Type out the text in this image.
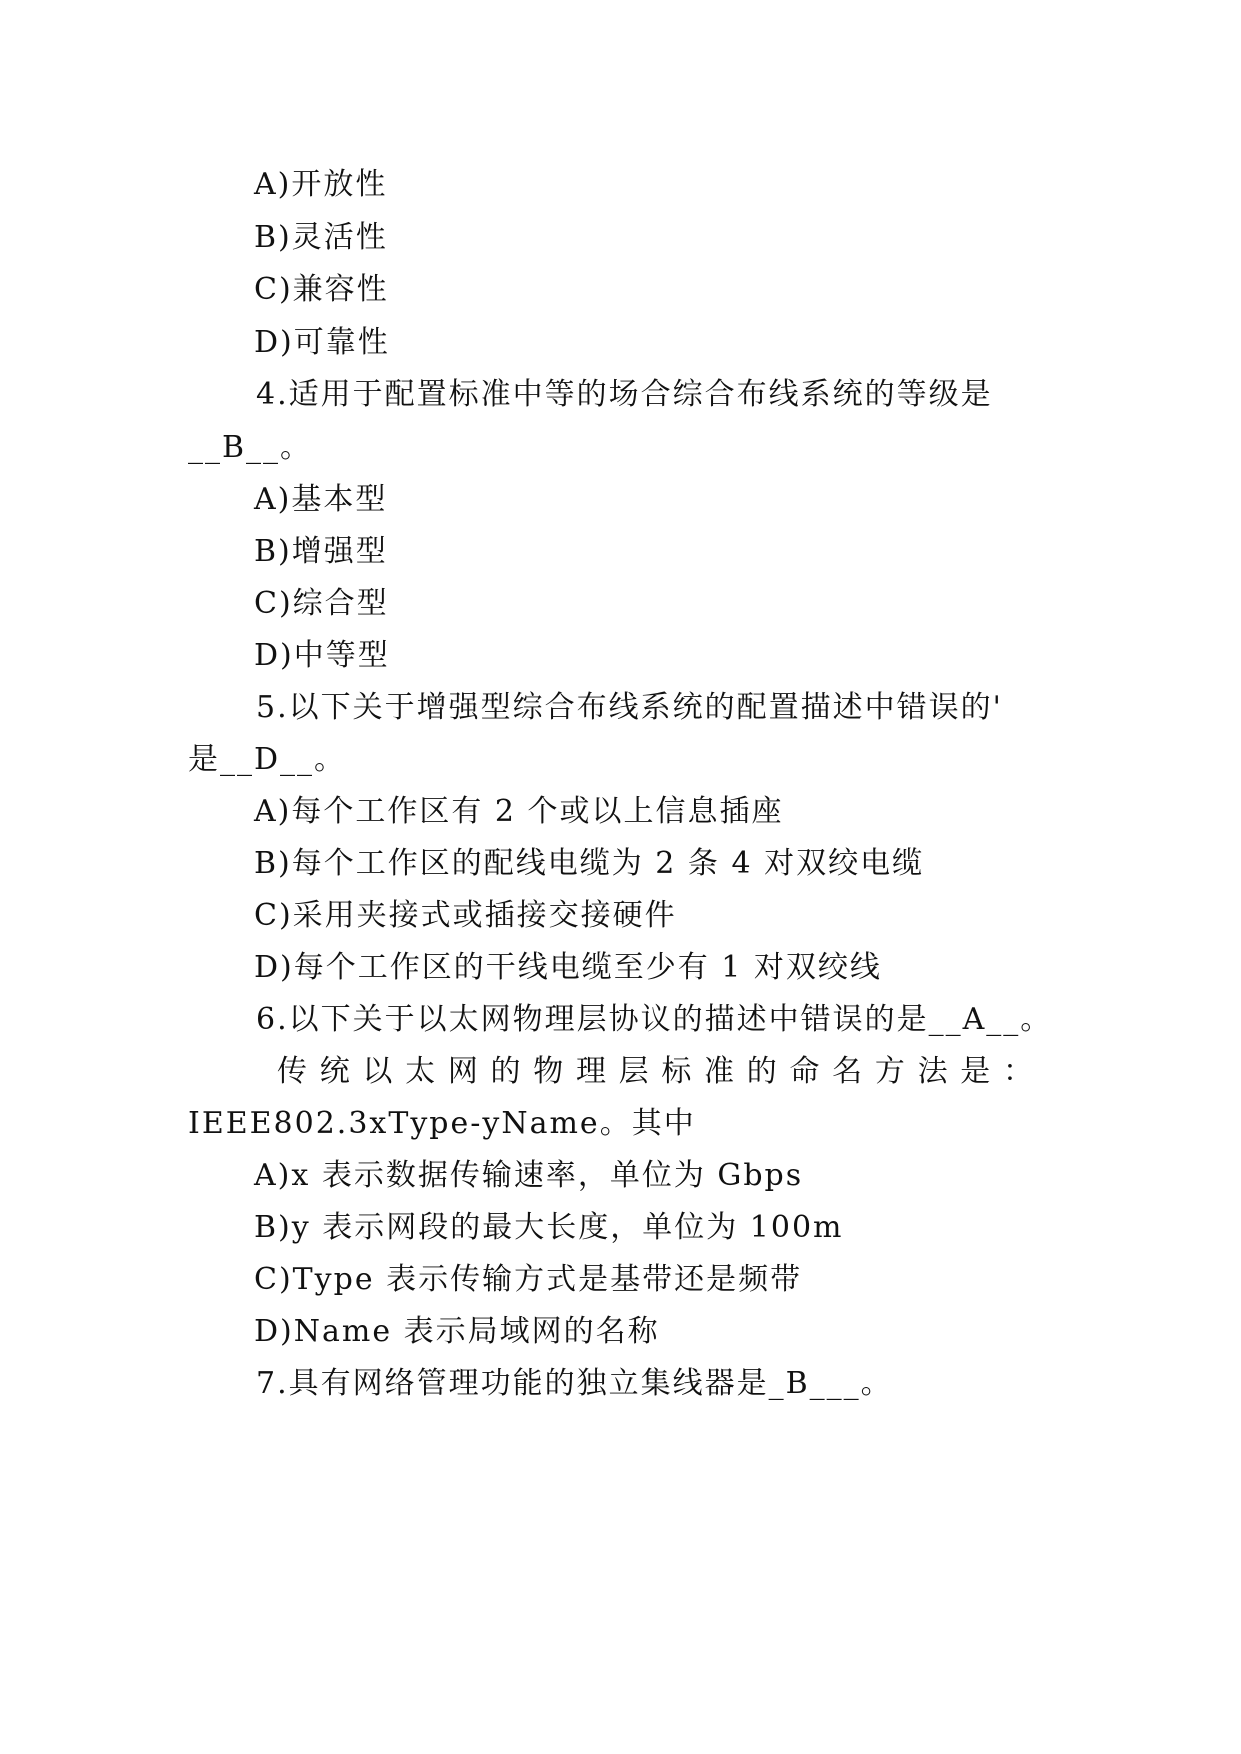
A)开放性
B)灵活性
C)兼容性
D)可靠性
4.适用于配置标准中等的场合综合布线系统的等级是
__B__。
A)基本型
B)增强型
C)综合型
D)中等型
5.以下关于增强型综合布线系统的配置描述中错误的'
是__D__。
A)每个工作区有 2 个或以上信息插座
B)每个工作区的配线电缆为 2 条 4 对双绞电缆
C)采用夹接式或插接交接硬件
D)每个工作区的干线电缆至少有 1 对双绞线
6.以下关于以太网物理层协议的描述中错误的是__A__。
传统以太网的物理层标准的命名方法是：
IEEE802.3xType-yName。其中
A)x 表示数据传输速率，单位为 Gbps
B)y 表示网段的最大长度，单位为 100m
C)Type 表示传输方式是基带还是频带
D)Name 表示局域网的名称
7.具有网络管理功能的独立集线器是_B___。
